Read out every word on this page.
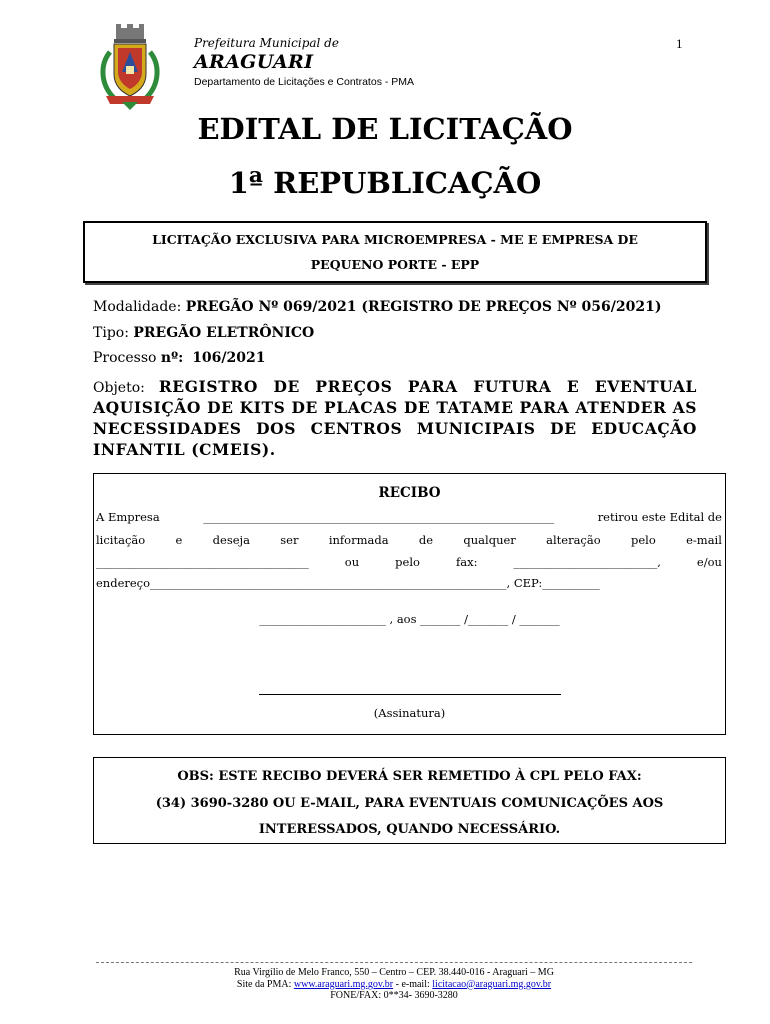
Prefeitura Municipal de
ARAGUARI
Departamento de Licitações e Contratos - PMA
1
EDITAL DE LICITAÇÃO
1ª REPUBLICAÇÃO
LICITAÇÃO EXCLUSIVA PARA MICROEMPRESA - ME E EMPRESA DE
PEQUENO PORTE - EPP
Modalidade: PREGÃO Nº 069/2021 (REGISTRO DE PREÇOS Nº 056/2021)
Tipo: PREGÃO ELETRÔNICO
Processo nº: 106/2021
Objeto: REGISTRO DE PREÇOS PARA FUTURA E EVENTUAL AQUISIÇÃO DE KITS DE PLACAS DE TATAME PARA ATENDER AS NECESSIDADES DOS CENTROS MUNICIPAIS DE EDUCAÇÃO INFANTIL (CMEIS).
RECIBO
A Empresa	_____________________________________________________________	retirou este Edital de
licitação	e	deseja	ser	informada	de	qualquer	alteração	pelo	e-mail
_____________________________________	ou	pelo	fax:	_________________________,	e/ou
endereço______________________________________________________________, CEP:__________
______________________ , aos _______ /_______ / _______
(Assinatura)
OBS: ESTE RECIBO DEVERÁ SER REMETIDO À CPL PELO FAX:
(34) 3690-3280 OU E-MAIL, PARA EVENTUAIS COMUNICAÇÕES AOS
INTERESSADOS, QUANDO NECESSÁRIO.
Rua Virgílio de Melo Franco, 550 – Centro – CEP. 38.440-016 - Araguari – MG
Site da PMA: www.araguari.mg.gov.br - e-mail: licitacao@araguari.mg.gov.br
FONE/FAX: 0**34- 3690-3280
